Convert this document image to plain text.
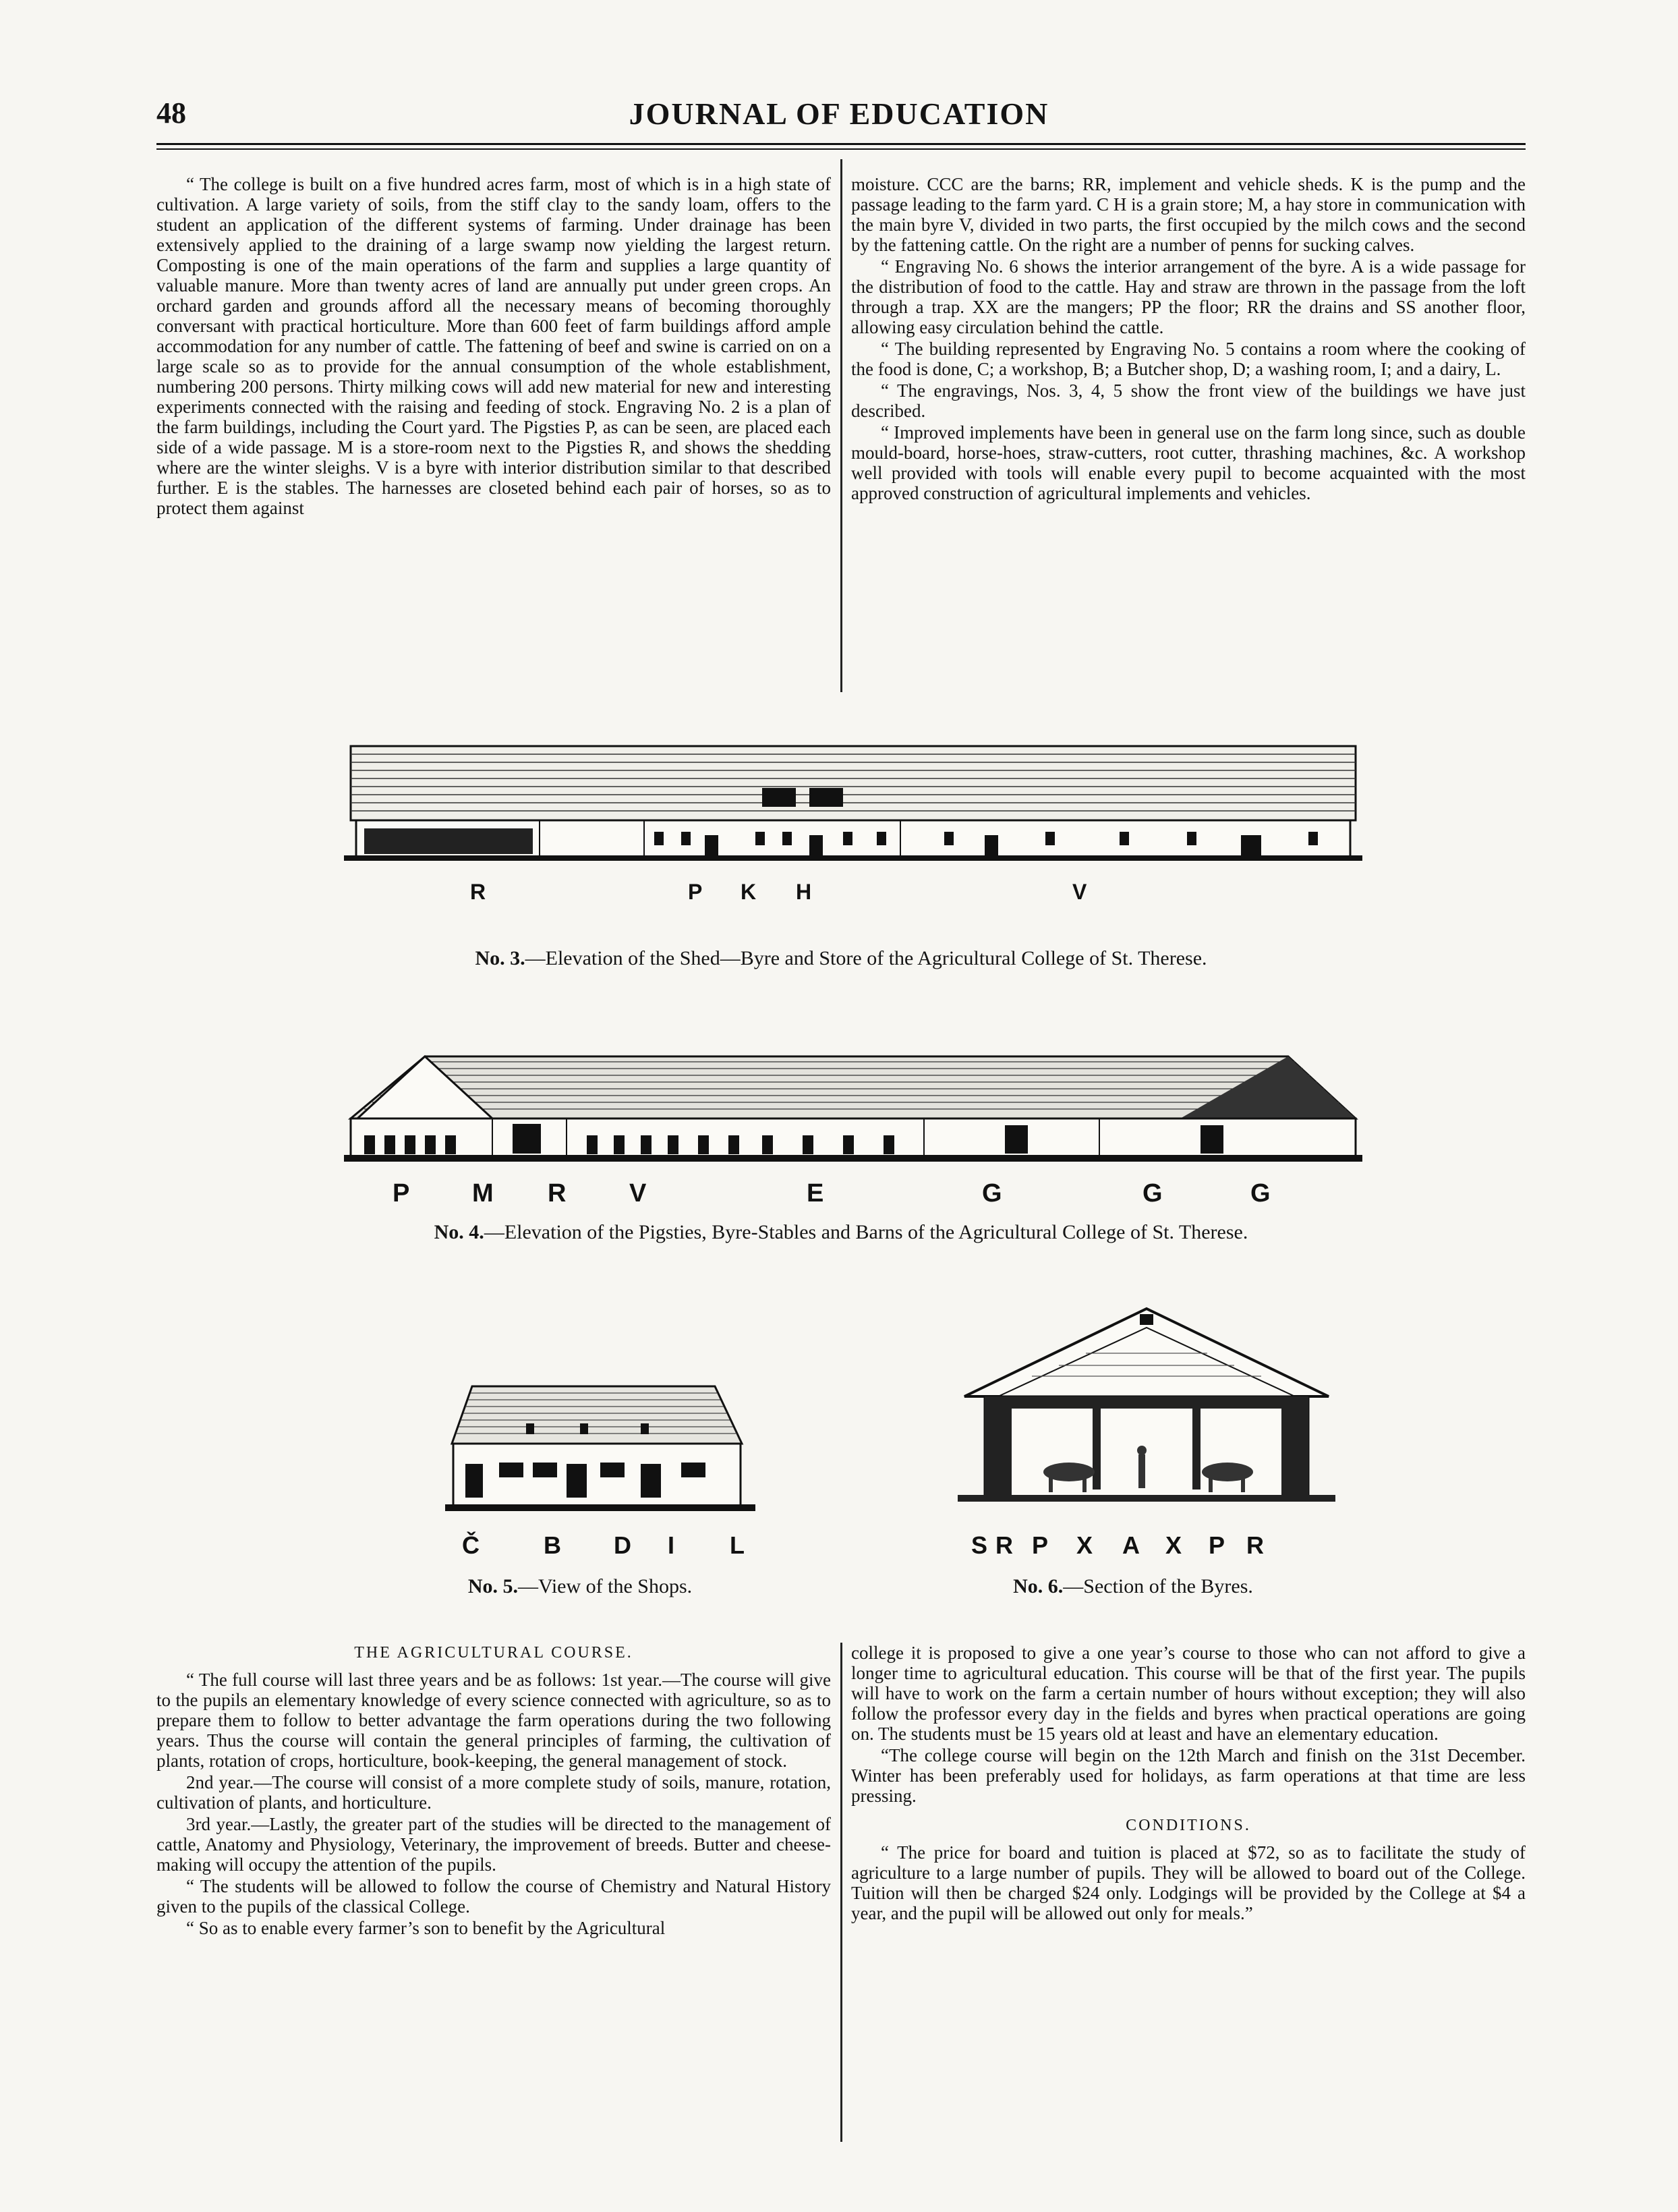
48	JOURNAL OF EDUCATION

“ The college is built on a five hundred acres farm, most of which is in a high state of cultivation. A large variety of soils, from the stiff clay to the sandy loam, offers to the student an application of the different systems of farming. Under drainage has been extensively applied to the draining of a large swamp now yielding the largest return. Composting is one of the main operations of the farm and supplies a large quantity of valuable manure. More than twenty acres of land are annually put under green crops. An orchard garden and grounds afford all the necessary means of becoming thoroughly conversant with practical horticulture. More than 600 feet of farm buildings afford ample accommodation for any number of cattle. The fattening of beef and swine is carried on on a large scale so as to provide for the annual consumption of the whole establishment, numbering 200 persons. Thirty milking cows will add new material for new and interesting experiments connected with the raising and feeding of stock. Engraving No. 2 is a plan of the farm buildings, including the Court yard. The Pigsties P, as can be seen, are placed each side of a wide passage. M is a store-room next to the Pigsties R, and shows the shedding where are the winter sleighs. V is a byre with interior distribution similar to that described further. E is the stables. The harnesses are closeted behind each pair of horses, so as to protect them against

moisture. CCC are the barns; RR, implement and vehicle sheds. K is the pump and the passage leading to the farm yard. C H is a grain store; M, a hay store in communication with the main byre V, divided in two parts, the first occupied by the milch cows and the second by the fattening cattle. On the right are a number of penns for sucking calves.

“ Engraving No. 6 shows the interior arrangement of the byre. A is a wide passage for the distribution of food to the cattle. Hay and straw are thrown in the passage from the loft through a trap. XX are the mangers; PP the floor; RR the drains and SS another floor, allowing easy circulation behind the cattle.

“ The building represented by Engraving No. 5 contains a room where the cooking of the food is done, C; a workshop, B; a Butcher shop, D; a washing room, I; and a dairy, L.

“ The engravings, Nos. 3, 4, 5 show the front view of the buildings we have just described.

“ Improved implements have been in general use on the farm long since, such as double mould-board, horse-hoes, straw-cutters, root cutter, thrashing machines, &c. A workshop well provided with tools will enable every pupil to become acquainted with the most approved construction of agricultural implements and vehicles.

R	P K H	V
No. 3.—Elevation of the Shed—Byre and Store of the Agricultural College of St. Therese.
P M R V	E	G	G	G
No. 4.—Elevation of the Pigsties, Byre-Stables and Barns of the Agricultural College of St. Therese.
Č	B D I L
No. 5.—View of the Shops.
S R P X A X P R
No. 6.—Section of the Byres.
THE AGRICULTURAL COURSE.

“ The full course will last three years and be as follows: 1st year.—The course will give to the pupils an elementary knowledge of every science connected with agriculture, so as to prepare them to follow to better advantage the farm operations during the two following years. Thus the course will contain the general principles of farming, the cultivation of plants, rotation of crops, horticulture, book-keeping, the general management of stock.

2nd year.—The course will consist of a more complete study of soils, manure, rotation, cultivation of plants, and horticulture.

3rd year.—Lastly, the greater part of the studies will be directed to the management of cattle, Anatomy and Physiology, Veterinary, the improvement of breeds. Butter and cheese-making will occupy the attention of the pupils.

“ The students will be allowed to follow the course of Chemistry and Natural History given to the pupils of the classical College.

“ So as to enable every farmer’s son to benefit by the Agricultural

college it is proposed to give a one year’s course to those who can not afford to give a longer time to agricultural education. This course will be that of the first year. The pupils will have to work on the farm a certain number of hours without exception; they will also follow the professor every day in the fields and byres when practical operations are going on. The students must be 15 years old at least and have an elementary education.

“The college course will begin on the 12th March and finish on the 31st December. Winter has been preferably used for holidays, as farm operations at that time are less pressing.

CONDITIONS.

“ The price for board and tuition is placed at $72, so as to facilitate the study of agriculture to a large number of pupils. They will be allowed to board out of the College. Tuition will then be charged $24 only. Lodgings will be provided by the College at $4 a year, and the pupil will be allowed out only for meals.”
